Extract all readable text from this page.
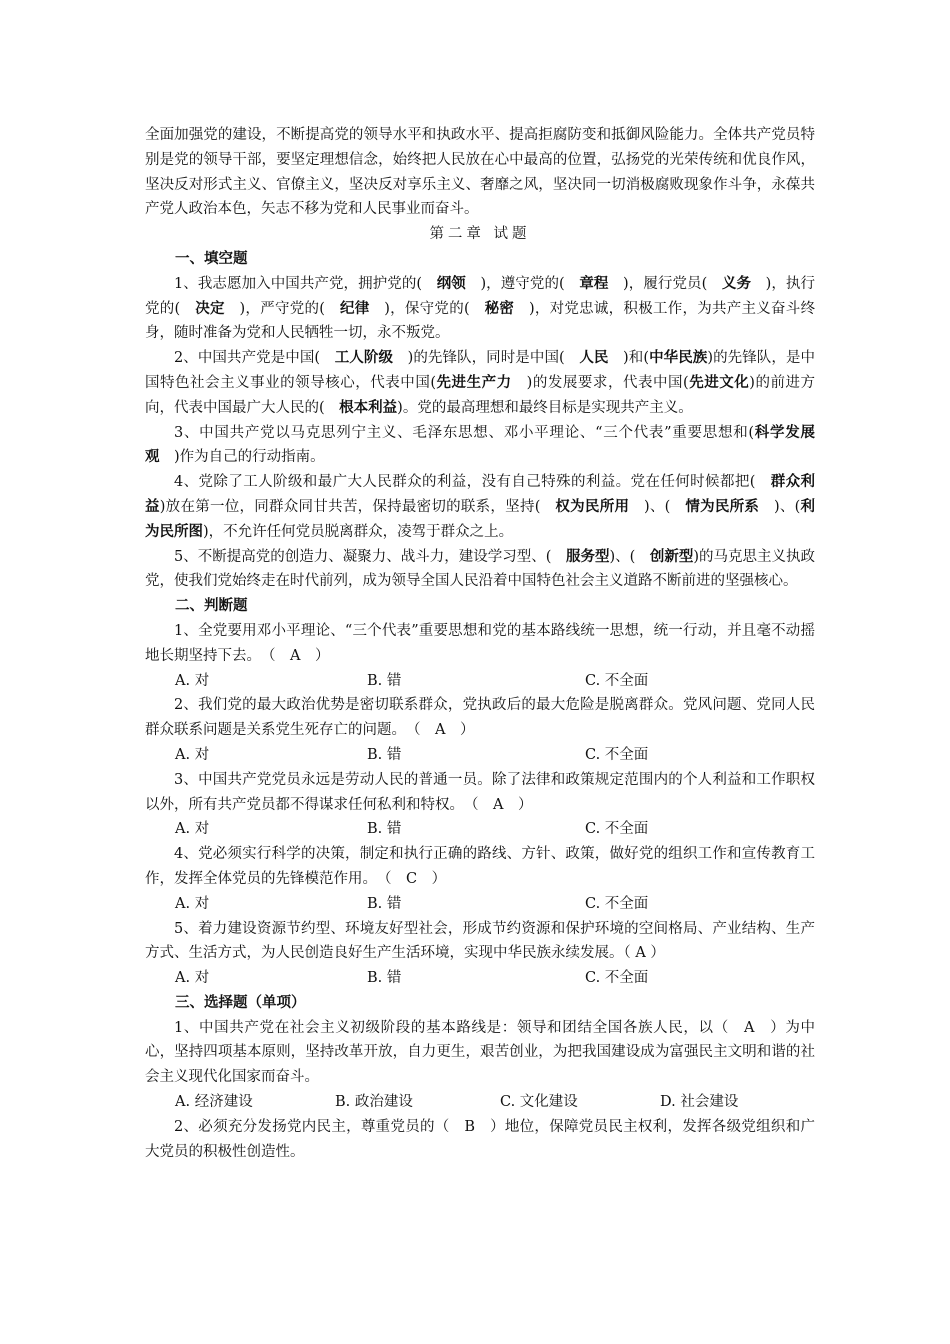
全面加强党的建设，不断提高党的领导水平和执政水平、提高拒腐防变和抵御风险能力。全体共产党员特别是党的领导干部，要坚定理想信念，始终把人民放在心中最高的位置，弘扬党的光荣传统和优良作风，坚决反对形式主义、官僚主义，坚决反对享乐主义、奢靡之风，坚决同一切消极腐败现象作斗争，永葆共产党人政治本色，矢志不移为党和人民事业而奋斗。

第二章 试题

一、填空题

1、我志愿加入中国共产党，拥护党的(　 纲领　 )，遵守党的(　 章程　 )，履行党员(　 义务　 )，执行党的(　 决定　 )，严守党的(　 纪律　 )，保守党的(　 秘密　 )，对党忠诚，积极工作，为共产主义奋斗终身，随时准备为党和人民牺牲一切，永不叛党。

2、中国共产党是中国(　 工人阶级　 )的先锋队，同时是中国(　 人民　 )和(中华民族)的先锋队，是中国特色社会主义事业的领导核心，代表中国(先进生产力　 )的发展要求，代表中国(先进文化)的前进方向，代表中国最广大人民的(　 根本利益)。党的最高理想和最终目标是实现共产主义。

3、中国共产党以马克思列宁主义、毛泽东思想、邓小平理论、“三个代表”重要思想和(科学发展观　 )作为自己的行动指南。

4、党除了工人阶级和最广大人民群众的利益，没有自己特殊的利益。党在任何时候都把(　 群众利益)放在第一位，同群众同甘共苦，保持最密切的联系，坚持(　 权为民所用　 )、(　 情为民所系　 )、(利为民所图)，不允许任何党员脱离群众，凌驾于群众之上。

5、不断提高党的创造力、凝聚力、战斗力，建设学习型、(　 服务型)、(　 创新型)的马克思主义执政党，使我们党始终走在时代前列，成为领导全国人民沿着中国特色社会主义道路不断前进的坚强核心。

二、判断题

1、全党要用邓小平理论、“三个代表”重要思想和党的基本路线统一思想，统一行动，并且毫不动摇地长期坚持下去。　（　A　）

A. 对	B. 错	C. 不全面

2、我们党的最大政治优势是密切联系群众，党执政后的最大危险是脱离群众。党风问题、党同人民群众联系问题是关系党生死存亡的问题。　（　A　）

A. 对	B. 错	C. 不全面

3、中国共产党党员永远是劳动人民的普通一员。除了法律和政策规定范围内的个人利益和工作职权以外，所有共产党员都不得谋求任何私利和特权。　（　A　）

A. 对	B. 错	C. 不全面

4、党必须实行科学的决策，制定和执行正确的路线、方针、政策，做好党的组织工作和宣传教育工作，发挥全体党员的先锋模范作用。　（　C　）

A. 对	B. 错	C. 不全面

5、着力建设资源节约型、环境友好型社会，形成节约资源和保护环境的空间格局、产业结构、生产方式、生活方式，为人民创造良好生产生活环境，实现中华民族永续发展。（ A ）

A. 对	B. 错	C. 不全面

三、选择题（单项）

1、中国共产党在社会主义初级阶段的基本路线是：领导和团结全国各族人民，以（　A　）为中心，坚持四项基本原则，坚持改革开放，自力更生，艰苦创业，为把我国建设成为富强民主文明和谐的社会主义现代化国家而奋斗。

A. 经济建设	B. 政治建设	C. 文化建设	D. 社会建设

2、必须充分发扬党内民主，尊重党员的（　B　）地位，保障党员民主权利，发挥各级党组织和广大党员的积极性创造性。
